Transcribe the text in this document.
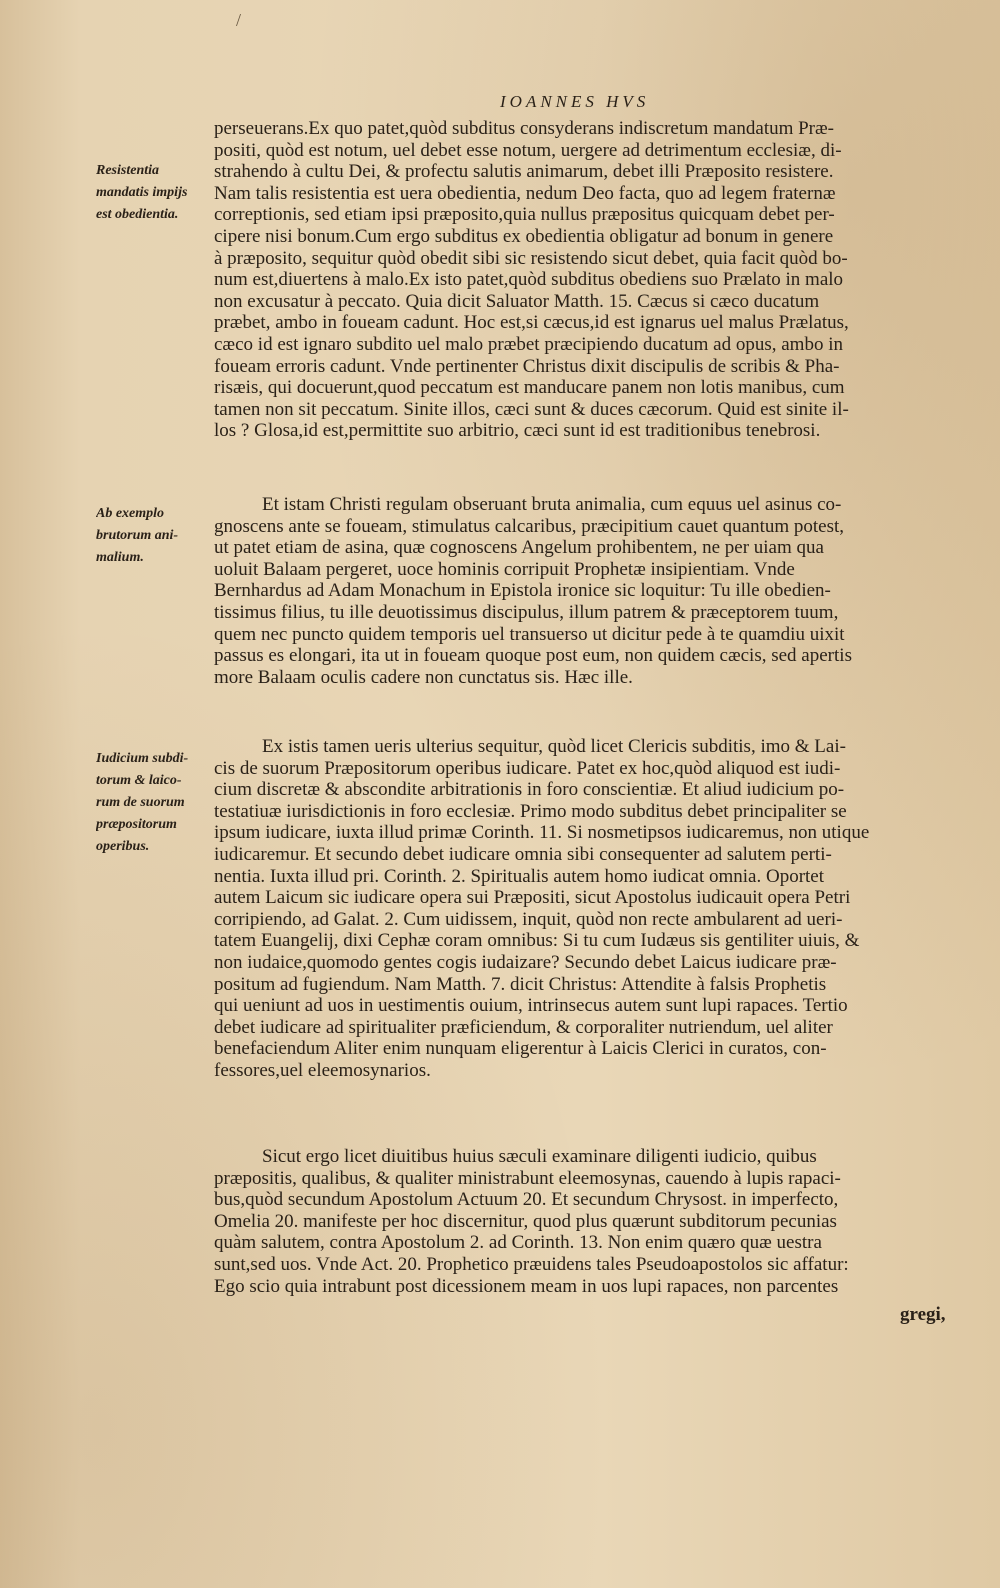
/
IOANNES HVS
Resistentia
mandatis impijs
est obedientia.
Ab exemplo
brutorum ani-
malium.
Iudicium subdi-
torum & laico-
rum de suorum
præpositorum
operibus.
perseuerans.Ex quo patet,quòd subditus consyderans indiscretum mandatum Præ-
positi, quòd est notum, uel debet esse notum, uergere ad detrimentum ecclesiæ, di-
strahendo à cultu Dei, & profectu salutis animarum, debet illi Præposito resistere.
Nam talis resistentia est uera obedientia, nedum Deo facta, quo ad legem fraternæ
correptionis, sed etiam ipsi præposito,quia nullus præpositus quicquam debet per-
cipere nisi bonum.Cum ergo subditus ex obedientia obligatur ad bonum in genere
à præposito, sequitur quòd obedit sibi sic resistendo sicut debet, quia facit quòd bo-
num est,diuertens à malo.Ex isto patet,quòd subditus obediens suo Prælato in malo
non excusatur à peccato. Quia dicit Saluator Matth. 15. Cæcus si cæco ducatum
præbet, ambo in foueam cadunt. Hoc est,si cæcus,id est ignarus uel malus Prælatus,
cæco id est ignaro subdito uel malo præbet præcipiendo ducatum ad opus, ambo in
foueam erroris cadunt. Vnde pertinenter Christus dixit discipulis de scribis & Pha-
risæis, qui docuerunt,quod peccatum est manducare panem non lotis manibus, cum
tamen non sit peccatum. Sinite illos, cæci sunt & duces cæcorum. Quid est sinite il-
los ? Glosa,id est,permittite suo arbitrio, cæci sunt id est traditionibus tenebrosi.
Et istam Christi regulam obseruant bruta animalia, cum equus uel asinus co-
gnoscens ante se foueam, stimulatus calcaribus, præcipitium cauet quantum potest,
ut patet etiam de asina, quæ cognoscens Angelum prohibentem, ne per uiam qua
uoluit Balaam pergeret, uoce hominis corripuit Prophetæ insipientiam. Vnde
Bernhardus ad Adam Monachum in Epistola ironice sic loquitur: Tu ille obedien-
tissimus filius, tu ille deuotissimus discipulus, illum patrem & præceptorem tuum,
quem nec puncto quidem temporis uel transuerso ut dicitur pede à te quamdiu uixit
passus es elongari, ita ut in foueam quoque post eum, non quidem cæcis, sed apertis
more Balaam oculis cadere non cunctatus sis. Hæc ille.
Ex istis tamen ueris ulterius sequitur, quòd licet Clericis subditis, imo & Lai-
cis de suorum Præpositorum operibus iudicare. Patet ex hoc,quòd aliquod est iudi-
cium discretæ & abscondite arbitrationis in foro conscientiæ. Et aliud iudicium po-
testatiuæ iurisdictionis in foro ecclesiæ. Primo modo subditus debet principaliter se
ipsum iudicare, iuxta illud primæ Corinth. 11. Si nosmetipsos iudicaremus, non utique
iudicaremur. Et secundo debet iudicare omnia sibi consequenter ad salutem perti-
nentia. Iuxta illud pri. Corinth. 2. Spiritualis autem homo iudicat omnia. Oportet
autem Laicum sic iudicare opera sui Præpositi, sicut Apostolus iudicauit opera Petri
corripiendo, ad Galat. 2. Cum uidissem, inquit, quòd non recte ambularent ad ueri-
tatem Euangelij, dixi Cephæ coram omnibus: Si tu cum Iudæus sis gentiliter uiuis, &
non iudaice,quomodo gentes cogis iudaizare? Secundo debet Laicus iudicare præ-
positum ad fugiendum. Nam Matth. 7. dicit Christus: Attendite à falsis Prophetis
qui ueniunt ad uos in uestimentis ouium, intrinsecus autem sunt lupi rapaces. Tertio
debet iudicare ad spiritualiter præficiendum, & corporaliter nutriendum, uel aliter
benefaciendum Aliter enim nunquam eligerentur à Laicis Clerici in curatos, con-
fessores,uel eleemosynarios.
Sicut ergo licet diuitibus huius sæculi examinare diligenti iudicio, quibus
præpositis, qualibus, & qualiter ministrabunt eleemosynas, cauendo à lupis rapaci-
bus,quòd secundum Apostolum Actuum 20. Et secundum Chrysost. in imperfecto,
Omelia 20. manifeste per hoc discernitur, quod plus quærunt subditorum pecunias
quàm salutem, contra Apostolum 2. ad Corinth. 13. Non enim quæro quæ uestra
sunt,sed uos. Vnde Act. 20. Prophetico præuidens tales Pseudoapostolos sic affatur:
Ego scio quia intrabunt post dicessionem meam in uos lupi rapaces, non parcentes
gregi,
